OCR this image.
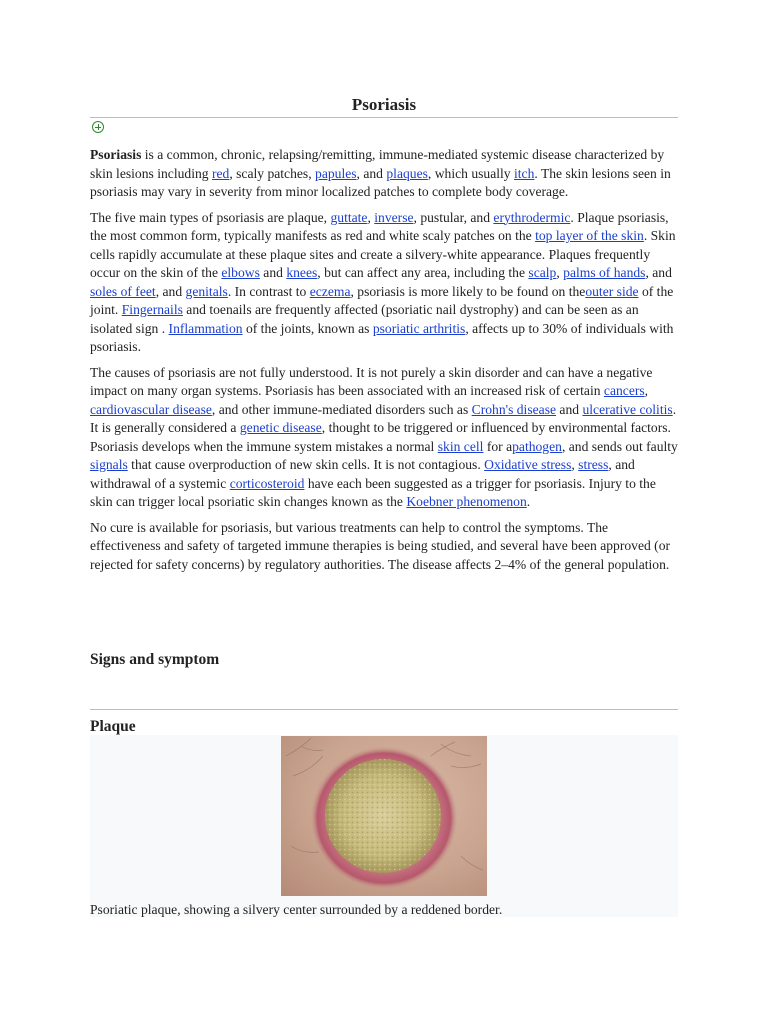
Psoriasis

Psoriasis is a common, chronic, relapsing/remitting, immune-mediated systemic disease characterized by skin lesions including red, scaly patches, papules, and plaques, which usually itch. The skin lesions seen in psoriasis may vary in severity from minor localized patches to complete body coverage.

The five main types of psoriasis are plaque, guttate, inverse, pustular, and erythrodermic. Plaque psoriasis, the most common form, typically manifests as red and white scaly patches on the top layer of the skin. Skin cells rapidly accumulate at these plaque sites and create a silvery-white appearance. Plaques frequently occur on the skin of the elbows and knees, but can affect any area, including the scalp, palms of hands, and soles of feet, and genitals. In contrast to eczema, psoriasis is more likely to be found on theouter side of the joint. Fingernails and toenails are frequently affected (psoriatic nail dystrophy) and can be seen as an isolated sign . Inflammation of the joints, known as psoriatic arthritis, affects up to 30% of individuals with psoriasis.

The causes of psoriasis are not fully understood. It is not purely a skin disorder and can have a negative impact on many organ systems. Psoriasis has been associated with an increased risk of certain cancers, cardiovascular disease, and other immune-mediated disorders such as Crohn's disease and ulcerative colitis. It is generally considered a genetic disease, thought to be triggered or influenced by environmental factors. Psoriasis develops when the immune system mistakes a normal skin cell for apathogen, and sends out faulty signals that cause overproduction of new skin cells. It is not contagious. Oxidative stress, stress, and withdrawal of a systemic corticosteroid have each been suggested as a trigger for psoriasis. Injury to the skin can trigger local psoriatic skin changes known as the Koebner phenomenon.

No cure is available for psoriasis, but various treatments can help to control the symptoms. The effectiveness and safety of targeted immune therapies is being studied, and several have been approved (or rejected for safety concerns) by regulatory authorities. The disease affects 2–4% of the general population.

Signs and symptom
Plaque
Psoriatic plaque, showing a silvery center surrounded by a reddened border.
